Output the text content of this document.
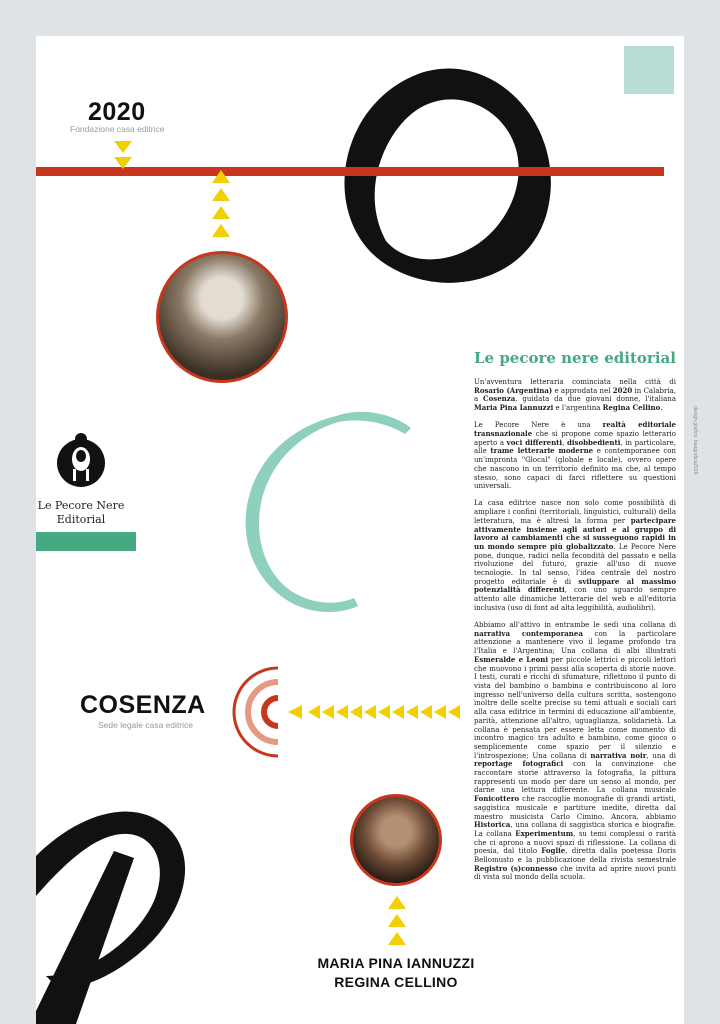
2020
Fondazione casa editrice
Le Pecore Nere
Editorial
COSENZA
Sede legale casa editrice
MARIA PINA IANNUZZI
REGINA CELLINO
design grafico: beagrafica2019
Le pecore nere editorial

Un'avventura letteraria cominciata nella città di Rosario (Argentina) e approdata nel 2020 in Calabria, a Cosenza, guidata da due giovani donne, l'italiana Maria Pina Iannuzzi e l'argentina Regina Cellino.

Le Pecore Nere è una realtà editoriale transnazionale che si propone come spazio letterario aperto a voci differenti, disobbedienti, in particolare, alle trame letterarie moderne e contemporanee con un'impronta "Glocal" (globale e locale), ovvero opere che nascono in un territorio definito ma che, al tempo stesso, sono capaci di farci riflettere su questioni universali.

La casa editrice nasce non solo come possibilità di ampliare i confini (territoriali, linguistici, culturali) della letteratura, ma è altresì la forma per partecipare attivamente insieme agli autori e al gruppo di lavoro ai cambiamenti che si susseguono rapidi in un mondo sempre più globalizzato. Le Pecore Nere pone, dunque, radici nella fecondità del passato e nella rivoluzione del futuro, grazie all'uso di nuove tecnologie. In tal senso, l'idea centrale del nostro progetto editoriale è di sviluppare al massimo potenzialità differenti, con uno sguardo sempre attento alle dinamiche letterarie del web e all'editoria inclusiva (uso di font ad alta leggibilità, audiolibri).

Abbiamo all'attivo in entrambe le sedi una collana di narrativa contemporanea con la particolare attenzione a mantenere vivo il legame profondo tra l'Italia e l'Argentina; Una collana di albi illustrati Esmeralde e Leoni per piccole lettrici e piccoli lettori che muovono i primi passi alla scoperta di storie nuove. I testi, curati e ricchi di sfumature, riflettono il punto di vista del bambino o bambina e contribuiscono al loro ingresso nell'universo della cultura scritta, sostengono inoltre delle scelte precise su temi attuali e sociali cari alla casa editrice in termini di educazione all'ambiente, parità, attenzione all'altro, uguaglianza, solidarietà. La collana è pensata per essere letta come momento di incontro magico tra adulto e bambino, come gioco o semplicemente come spazio per il silenzio e l'introspezione; Una collana di narrativa noir, una di reportage fotografici con la convinzione che raccontare storie attraverso la fotografia, la pittura rappresenti un modo per dare un senso al mondo, per darne una lettura differente. La collana musicale Fonicottero che raccoglie monografie di grandi artisti, saggistica musicale e partiture inedite, diretta dal maestro musicista Carlo Cimino. Ancora, abbiamo Historica, una collana di saggistica storica e biografie. La collana Experimentum, su temi complessi o rarità che ci aprono a nuovi spazi di riflessione. La collana di poesia, dal titolo Foglie, diretta dalla poetessa Doris Bellomusto e la pubblicazione della rivista semestrale Registro (s)connesso che invita ad aprire nuovi punti di vista sul mondo della scuola.
